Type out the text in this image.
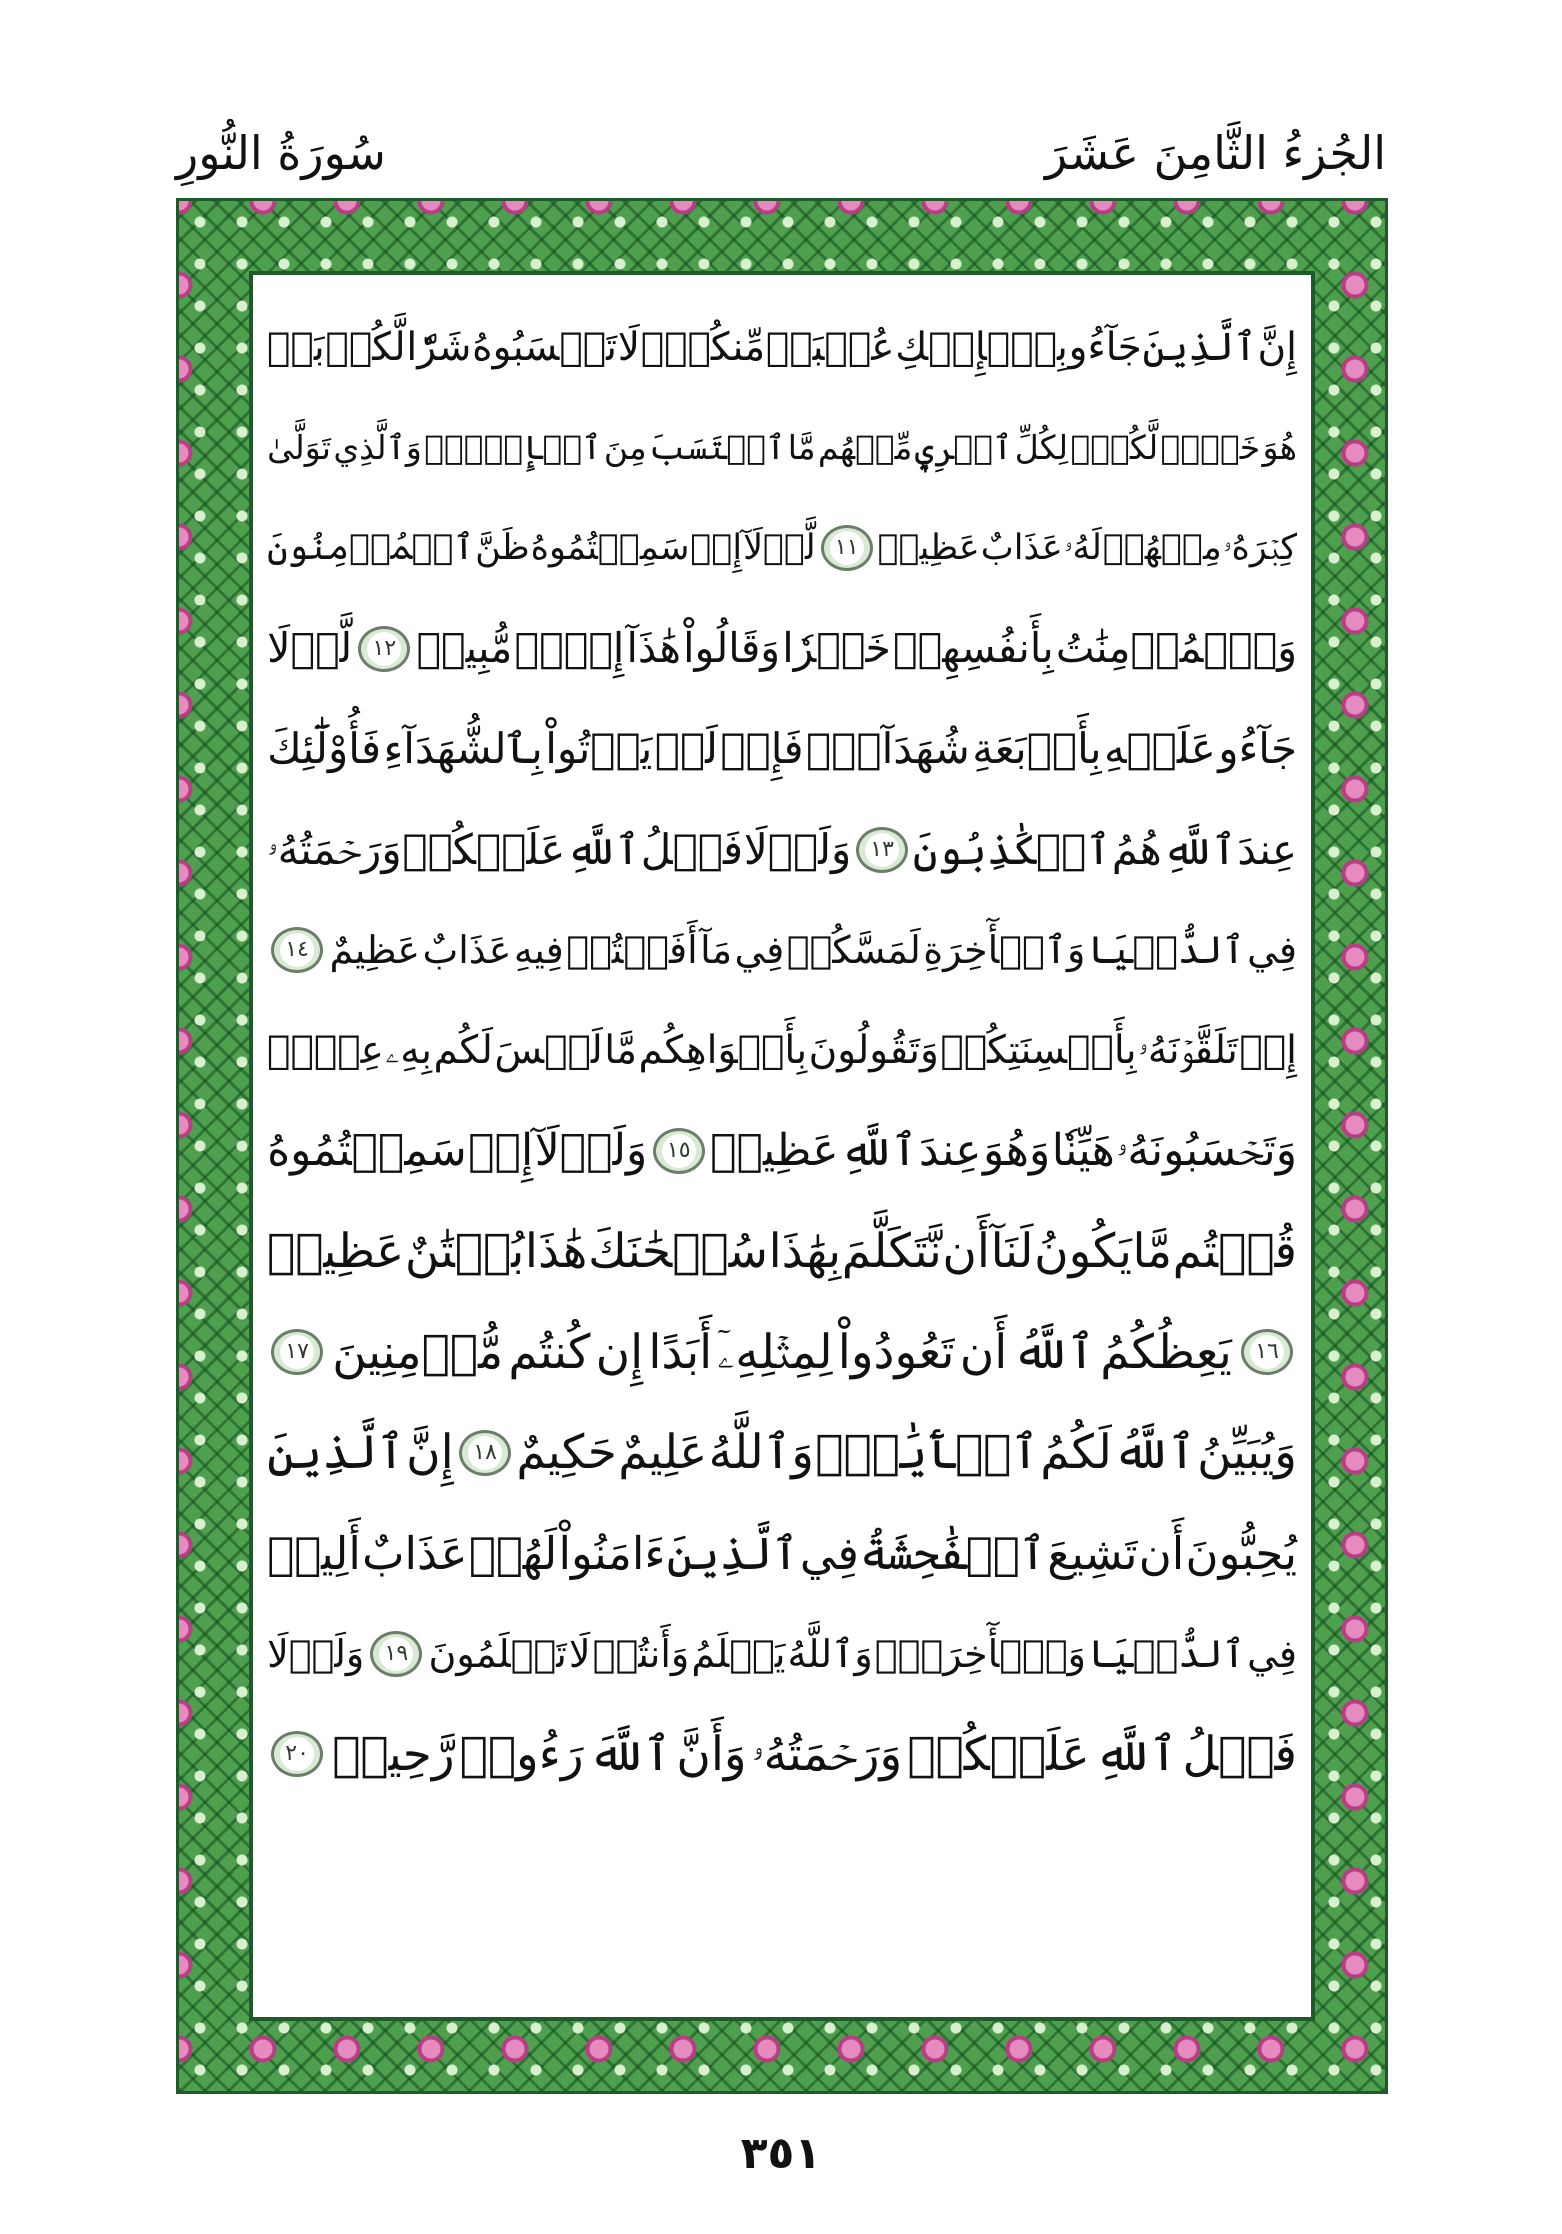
الجُزءُ الثَّامِنَ عَشَرَ
سُورَةُ النُّورِ
إِنَّ
ٱلَّذِينَ
جَآءُو
بِٱلۡإِفۡكِ
عُصۡبَةٞ
مِّنكُمۡۚ
لَا
تَحۡسَبُوهُ
شَرّٗا
لَّكُمۖ
بَلۡ
هُوَ
خَيۡرٞ
لَّكُمۡۚ
لِكُلِّ
ٱمۡرِيٕٖ
مِّنۡهُم
مَّا
ٱكۡتَسَبَ
مِنَ
ٱلۡإِثۡمِۚ
وَٱلَّذِي
تَوَلَّىٰ
كِبۡرَهُۥ
مِنۡهُمۡ
لَهُۥ
عَذَابٌ
عَظِيمٞ
١١
لَّوۡلَآ
إِذۡ
سَمِعۡتُمُوهُ
ظَنَّ
ٱلۡمُؤۡمِنُونَ
وَٱلۡمُؤۡمِنَٰتُ
بِأَنفُسِهِمۡ
خَيۡرٗا
وَقَالُواْ
هَٰذَآ
إِفۡكٞ
مُّبِينٞ
١٢
لَّوۡلَا
جَآءُو
عَلَيۡهِ
بِأَرۡبَعَةِ
شُهَدَآءَۚ
فَإِذۡ
لَمۡ
يَأۡتُواْ
بِٱلشُّهَدَآءِ
فَأُوْلَٰٓئِكَ
عِندَ
ٱللَّهِ
هُمُ
ٱلۡكَٰذِبُونَ
١٣
وَلَوۡلَا
فَضۡلُ
ٱللَّهِ
عَلَيۡكُمۡ
وَرَحۡمَتُهُۥ
فِي
ٱلدُّنۡيَا
وَٱلۡأٓخِرَةِ
لَمَسَّكُمۡ
فِي
مَآ
أَفَضۡتُمۡ
فِيهِ
عَذَابٌ
عَظِيمٌ
١٤
إِذۡ
تَلَقَّوۡنَهُۥ
بِأَلۡسِنَتِكُمۡ
وَتَقُولُونَ
بِأَفۡوَاهِكُم
مَّا
لَيۡسَ
لَكُم
بِهِۦ
عِلۡمٞ
وَتَحۡسَبُونَهُۥ
هَيِّنٗا
وَهُوَ
عِندَ
ٱللَّهِ
عَظِيمٞ
١٥
وَلَوۡلَآ
إِذۡ
سَمِعۡتُمُوهُ
قُلۡتُم
مَّا
يَكُونُ
لَنَآ
أَن
نَّتَكَلَّمَ
بِهَٰذَا
سُبۡحَٰنَكَ
هَٰذَا
بُهۡتَٰنٌ
عَظِيمٞ
١٦
يَعِظُكُمُ
ٱللَّهُ
أَن
تَعُودُواْ
لِمِثۡلِهِۦٓ
أَبَدًا
إِن
كُنتُم
مُّؤۡمِنِينَ
١٧
وَيُبَيِّنُ
ٱللَّهُ
لَكُمُ
ٱلۡأٓيَٰتِۚ
وَٱللَّهُ
عَلِيمٌ
حَكِيمٌ
١٨
إِنَّ
ٱلَّذِينَ
يُحِبُّونَ
أَن
تَشِيعَ
ٱلۡفَٰحِشَةُ
فِي
ٱلَّذِينَ
ءَامَنُواْ
لَهُمۡ
عَذَابٌ
أَلِيمٞ
فِي
ٱلدُّنۡيَا
وَٱلۡأٓخِرَةِۚ
وَٱللَّهُ
يَعۡلَمُ
وَأَنتُمۡ
لَا
تَعۡلَمُونَ
١٩
وَلَوۡلَا
فَضۡلُ
ٱللَّهِ
عَلَيۡكُمۡ
وَرَحۡمَتُهُۥ
وَأَنَّ
ٱللَّهَ
رَءُوفٞ
رَّحِيمٞ
٢٠
٣٥١
